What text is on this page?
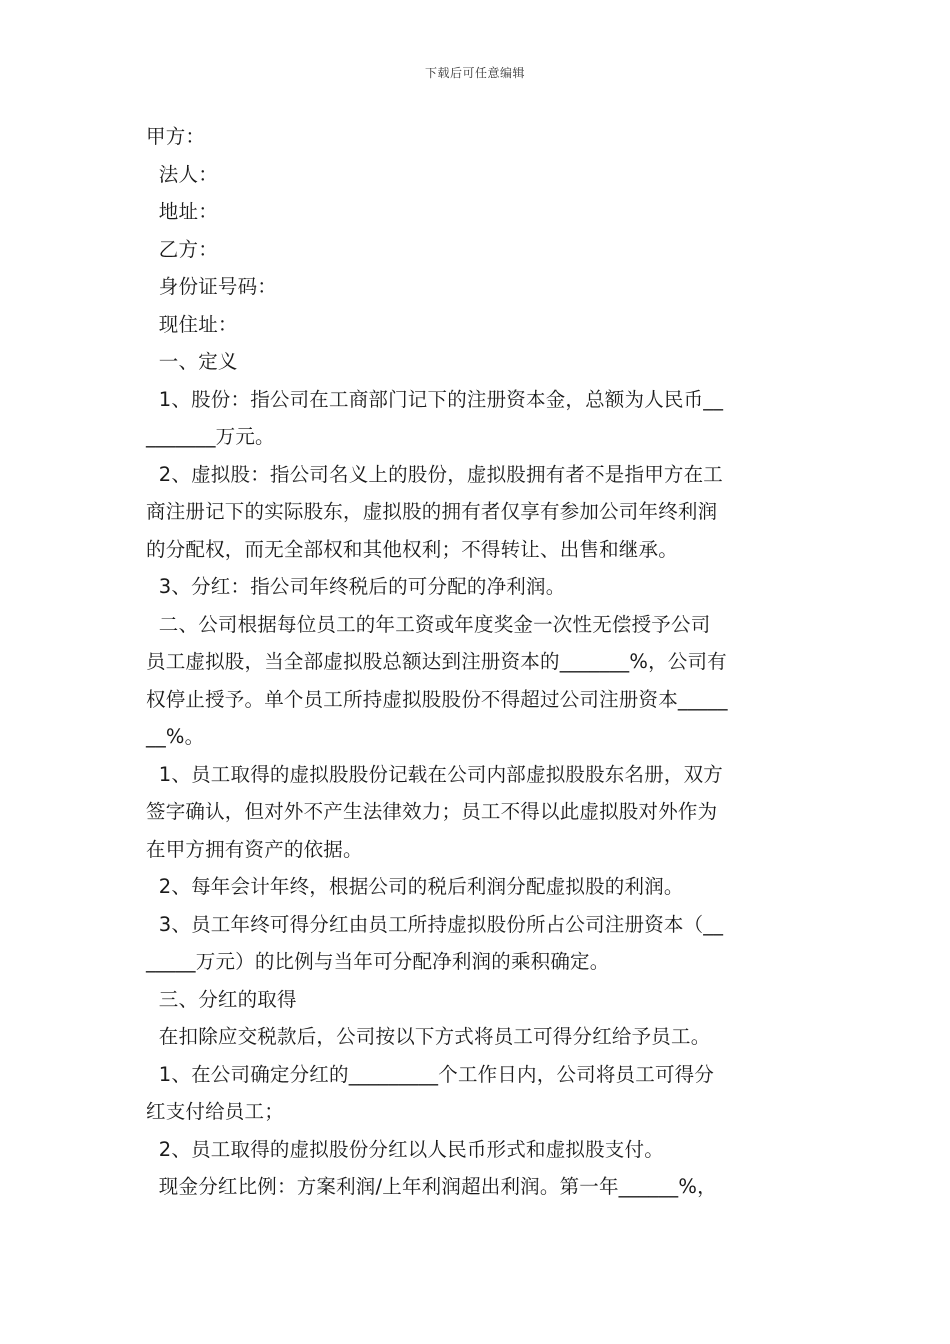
下载后可任意编辑
甲方：
法人：
地址：
乙方：
身份证号码：
现住址：
一、定义
1、股份：指公司在工商部门记下的注册资本金，总额为人民币__
_______万元。
2、虚拟股：指公司名义上的股份，虚拟股拥有者不是指甲方在工
商注册记下的实际股东，虚拟股的拥有者仅享有参加公司年终利润
的分配权，而无全部权和其他权利；不得转让、出售和继承。
3、分红：指公司年终税后的可分配的净利润。
二、公司根据每位员工的年工资或年度奖金一次性无偿授予公司
员工虚拟股，当全部虚拟股总额达到注册资本的_______%，公司有
权停止授予。单个员工所持虚拟股股份不得超过公司注册资本_____
__%。
1、员工取得的虚拟股股份记载在公司内部虚拟股股东名册，双方
签字确认，但对外不产生法律效力；员工不得以此虚拟股对外作为
在甲方拥有资产的依据。
2、每年会计年终，根据公司的税后利润分配虚拟股的利润。
3、员工年终可得分红由员工所持虚拟股份所占公司注册资本（__
_____万元）的比例与当年可分配净利润的乘积确定。
三、分红的取得
在扣除应交税款后，公司按以下方式将员工可得分红给予员工。
1、在公司确定分红的_________个工作日内，公司将员工可得分
红支付给员工；
2、员工取得的虚拟股份分红以人民币形式和虚拟股支付。
现金分红比例：方案利润/上年利润超出利润。第一年______%，
